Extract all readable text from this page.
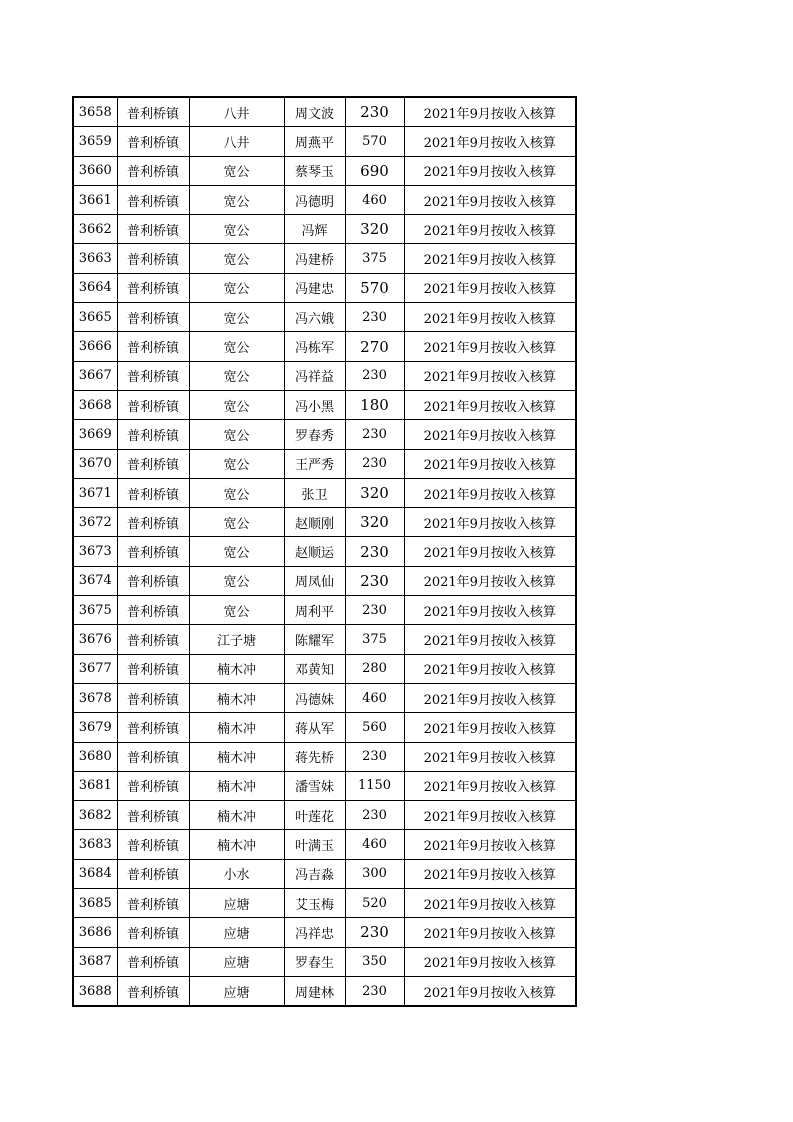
3658	普利桥镇	八井	周文波	230	2021年9月按收入核算
3659	普利桥镇	八井	周燕平	570	2021年9月按收入核算
3660	普利桥镇	宽公	蔡琴玉	690	2021年9月按收入核算
3661	普利桥镇	宽公	冯德明	460	2021年9月按收入核算
3662	普利桥镇	宽公	冯辉	320	2021年9月按收入核算
3663	普利桥镇	宽公	冯建桥	375	2021年9月按收入核算
3664	普利桥镇	宽公	冯建忠	570	2021年9月按收入核算
3665	普利桥镇	宽公	冯六娥	230	2021年9月按收入核算
3666	普利桥镇	宽公	冯栋军	270	2021年9月按收入核算
3667	普利桥镇	宽公	冯祥益	230	2021年9月按收入核算
3668	普利桥镇	宽公	冯小黑	180	2021年9月按收入核算
3669	普利桥镇	宽公	罗春秀	230	2021年9月按收入核算
3670	普利桥镇	宽公	王严秀	230	2021年9月按收入核算
3671	普利桥镇	宽公	张卫	320	2021年9月按收入核算
3672	普利桥镇	宽公	赵顺刚	320	2021年9月按收入核算
3673	普利桥镇	宽公	赵顺运	230	2021年9月按收入核算
3674	普利桥镇	宽公	周凤仙	230	2021年9月按收入核算
3675	普利桥镇	宽公	周利平	230	2021年9月按收入核算
3676	普利桥镇	江子塘	陈耀军	375	2021年9月按收入核算
3677	普利桥镇	楠木冲	邓黄知	280	2021年9月按收入核算
3678	普利桥镇	楠木冲	冯德妹	460	2021年9月按收入核算
3679	普利桥镇	楠木冲	蒋从军	560	2021年9月按收入核算
3680	普利桥镇	楠木冲	蒋先桥	230	2021年9月按收入核算
3681	普利桥镇	楠木冲	潘雪妹	1150	2021年9月按收入核算
3682	普利桥镇	楠木冲	叶莲花	230	2021年9月按收入核算
3683	普利桥镇	楠木冲	叶满玉	460	2021年9月按收入核算
3684	普利桥镇	小水	冯吉淼	300	2021年9月按收入核算
3685	普利桥镇	应塘	艾玉梅	520	2021年9月按收入核算
3686	普利桥镇	应塘	冯祥忠	230	2021年9月按收入核算
3687	普利桥镇	应塘	罗春生	350	2021年9月按收入核算
3688	普利桥镇	应塘	周建林	230	2021年9月按收入核算
